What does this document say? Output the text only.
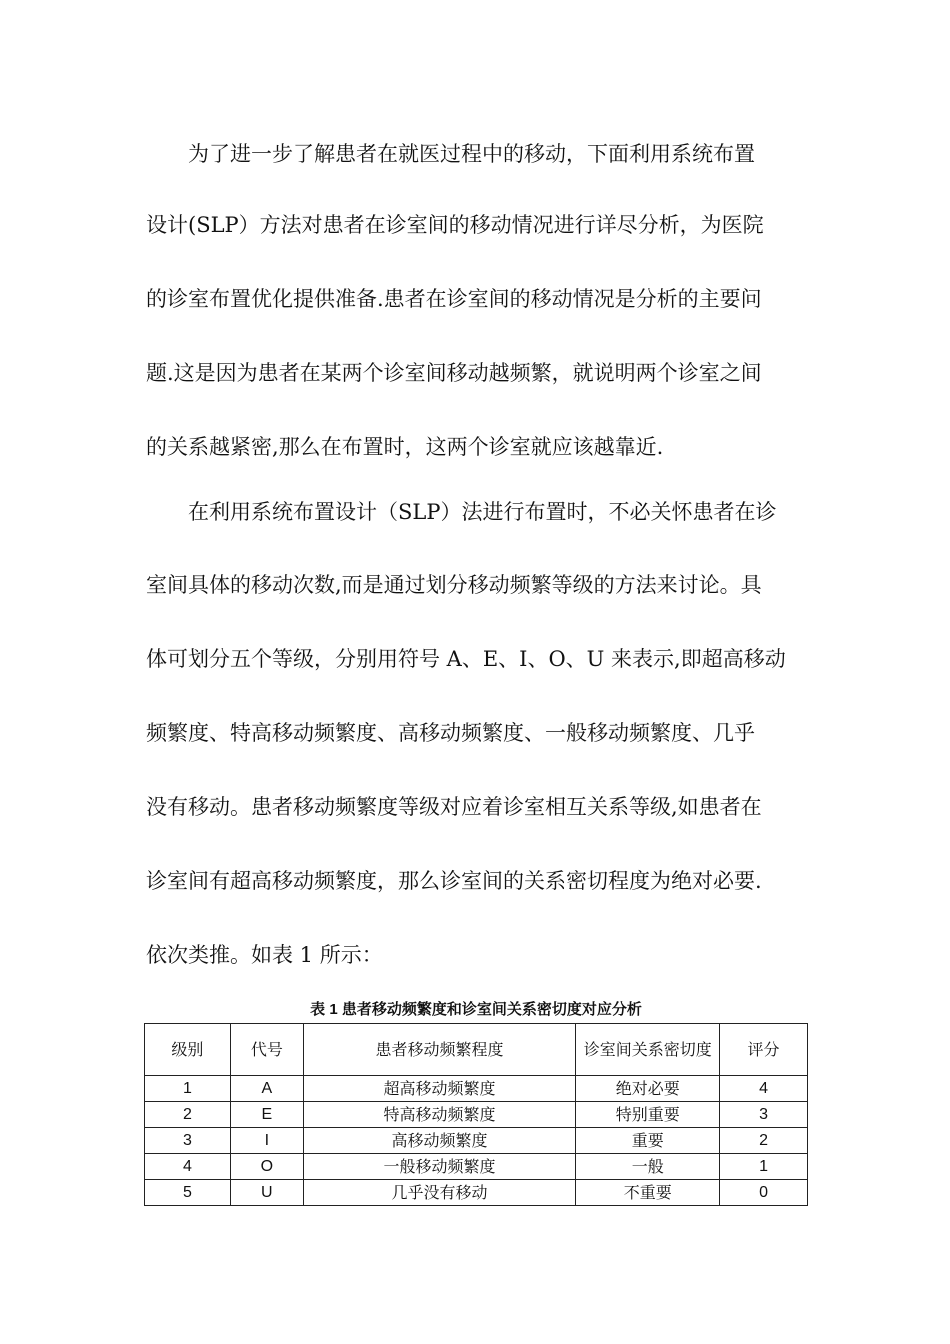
为了进一步了解患者在就医过程中的移动，下面利用系统布置
设计(SLP）方法对患者在诊室间的移动情况进行详尽分析，为医院
的诊室布置优化提供准备.患者在诊室间的移动情况是分析的主要问
题.这是因为患者在某两个诊室间移动越频繁，就说明两个诊室之间
的关系越紧密,那么在布置时，这两个诊室就应该越靠近.
在利用系统布置设计（SLP）法进行布置时，不必关怀患者在诊
室间具体的移动次数,而是通过划分移动频繁等级的方法来讨论。具
体可划分五个等级，分别用符号 A、E、I、O、U 来表示,即超高移动
频繁度、特高移动频繁度、高移动频繁度、一般移动频繁度、几乎
没有移动。患者移动频繁度等级对应着诊室相互关系等级,如患者在
诊室间有超高移动频繁度，那么诊室间的关系密切程度为绝对必要.
依次类推。如表 1 所示：
表 1 患者移动频繁度和诊室间关系密切度对应分析
级别	代号	患者移动频繁程度	诊室间关系密切度	评分
1	A	超高移动频繁度	绝对必要	4
2	E	特高移动频繁度	特别重要	3
3	I	高移动频繁度	重要	2
4	O	一般移动频繁度	一般	1
5	U	几乎没有移动	不重要	0
